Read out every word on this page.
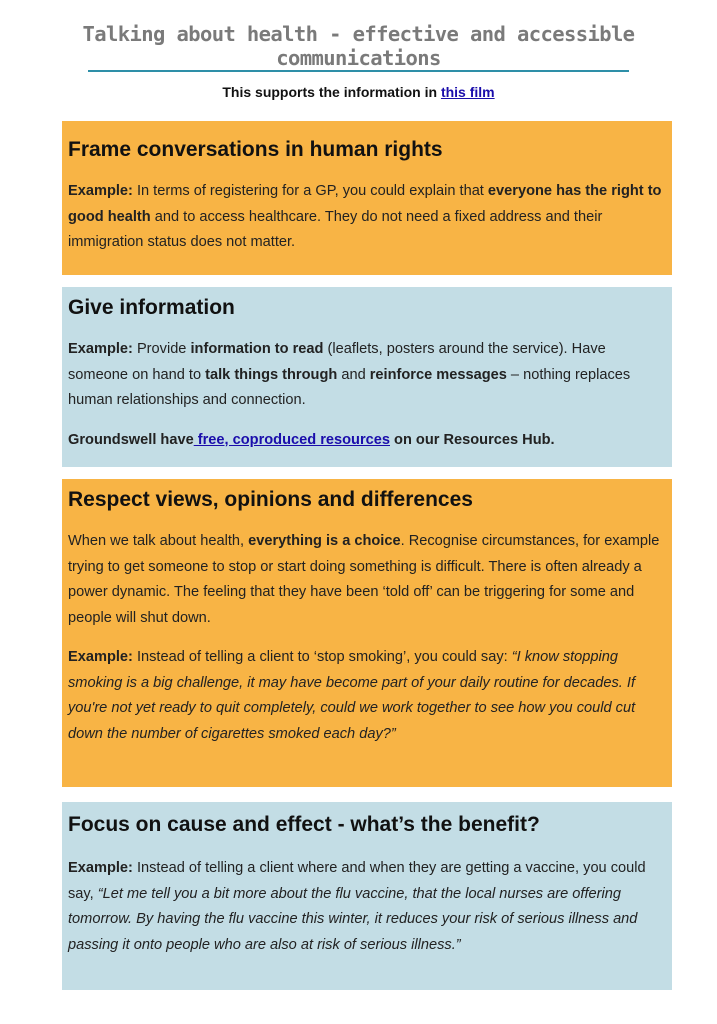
Talking about health - effective and accessible communications
This supports the information in this film
Frame conversations in human rights

Example: In terms of registering for a GP, you could explain that everyone has the right to good health and to access healthcare. They do not need a fixed address and their immigration status does not matter.

Give information

Example: Provide information to read (leaflets, posters around the service). Have someone on hand to talk things through and reinforce messages – nothing replaces human relationships and connection.

Groundswell have free, coproduced resources on our Resources Hub.

Respect views, opinions and differences

When we talk about health, everything is a choice. Recognise circumstances, for example trying to get someone to stop or start doing something is difficult. There is often already a power dynamic. The feeling that they have been ‘told off’ can be triggering for some and people will shut down.

Example: Instead of telling a client to ‘stop smoking’, you could say: “I know stopping smoking is a big challenge, it may have become part of your daily routine for decades. If you're not yet ready to quit completely, could we work together to see how you could cut down the number of cigarettes smoked each day?”

Focus on cause and effect - what’s the benefit?

Example: Instead of telling a client where and when they are getting a vaccine, you could say, “Let me tell you a bit more about the flu vaccine, that the local nurses are offering tomorrow. By having the flu vaccine this winter, it reduces your risk of serious illness and passing it onto people who are also at risk of serious illness.”
